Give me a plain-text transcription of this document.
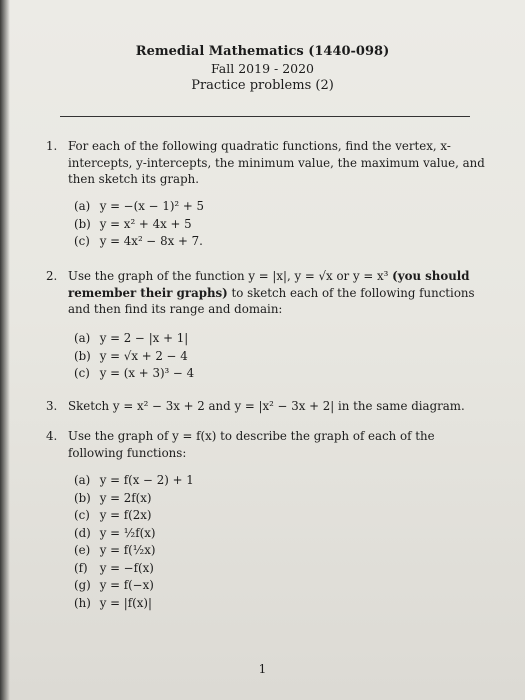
Remedial Mathematics (1440-098)
Fall 2019 - 2020
Practice problems (2)
1. For each of the following quadratic functions, find the vertex, x-intercepts, y-intercepts, the minimum value, the maximum value, and then sketch its graph.
(a) y = −(x − 1)² + 5
(b) y = x² + 4x + 5
(c) y = 4x² − 8x + 7.
2. Use the graph of the function y = |x|, y = √x or y = x³ (you should remember their graphs) to sketch each of the following functions and then find its range and domain:
(a) y = 2 − |x + 1|
(b) y = √x + 2 − 4
(c) y = (x + 3)³ − 4
3. Sketch y = x² − 3x + 2 and y = |x² − 3x + 2| in the same diagram.
4. Use the graph of y = f(x) to describe the graph of each of the following functions:
(a) y = f(x − 2) + 1
(b) y = 2f(x)
(c) y = f(2x)
(d) y = ½f(x)
(e) y = f(½x)
(f) y = −f(x)
(g) y = f(−x)
(h) y = |f(x)|
1
